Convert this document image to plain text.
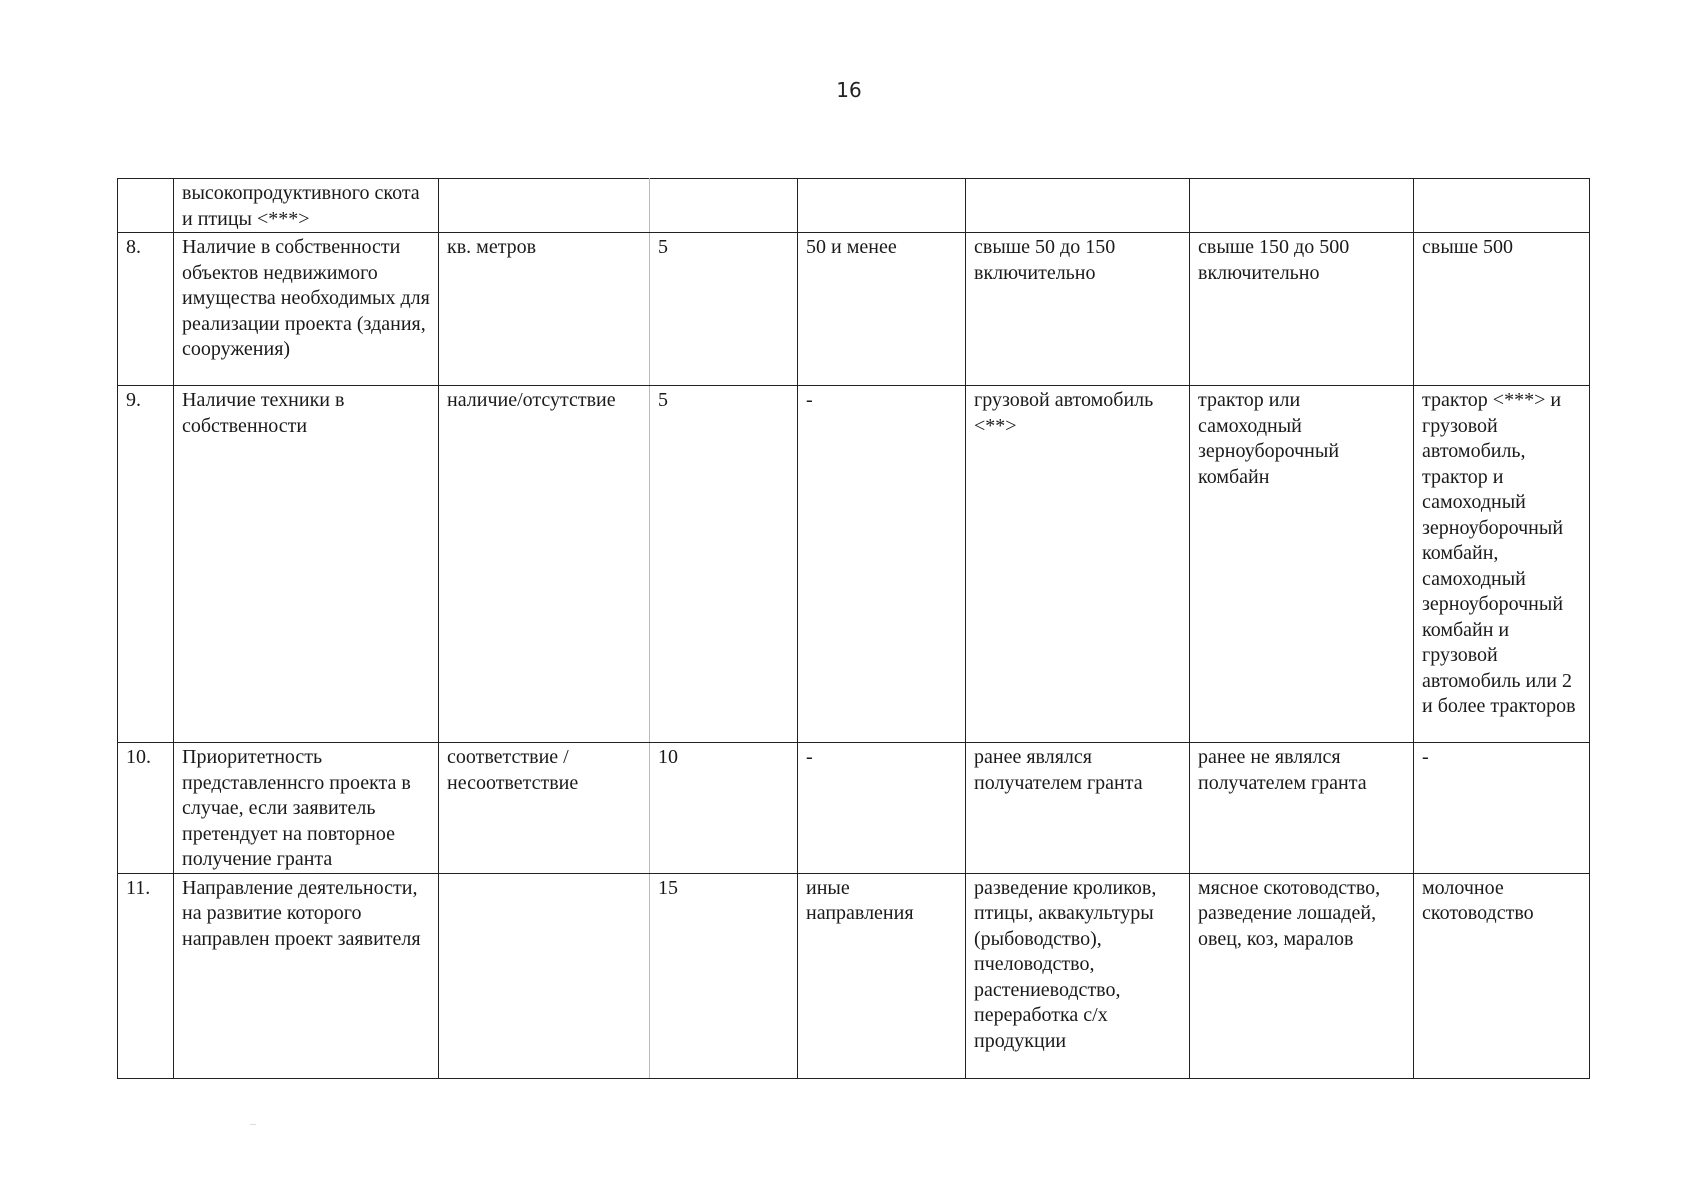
16
	высокопродуктивного скота и птицы <***>						
8.	Наличие в собственности объектов недвижимого имущества необходимых для реализации проекта (здания, сооружения)	кв. метров	5	50 и менее	свыше 50 до 150 включительно	свыше 150 до 500 включительно	свыше 500
9.	Наличие техники в собственности	наличие/отсутствие	5	-	грузовой автомобиль <**>	трактор или самоходный зерноуборочный комбайн	трактор <***> и грузовой автомобиль, трактор и самоходный зерноуборочный комбайн, самоходный зерноуборочный комбайн и грузовой автомобиль или 2 и более тракторов
10.	Приоритетность представленнсго проекта в случае, если заявитель претендует на повторное получение гранта	соответствие / несоответствие	10	-	ранее являлся получателем гранта	ранее не являлся получателем гранта	-
11.	Направление деятельности, на развитие которого направлен проект заявителя		15	иные направления	разведение кроликов, птицы, аквакультуры (рыбоводство), пчеловодство, растениеводство, переработка с/х продукции	мясное скотоводство, разведение лошадей, овец, коз, маралов	молочное скотоводство
